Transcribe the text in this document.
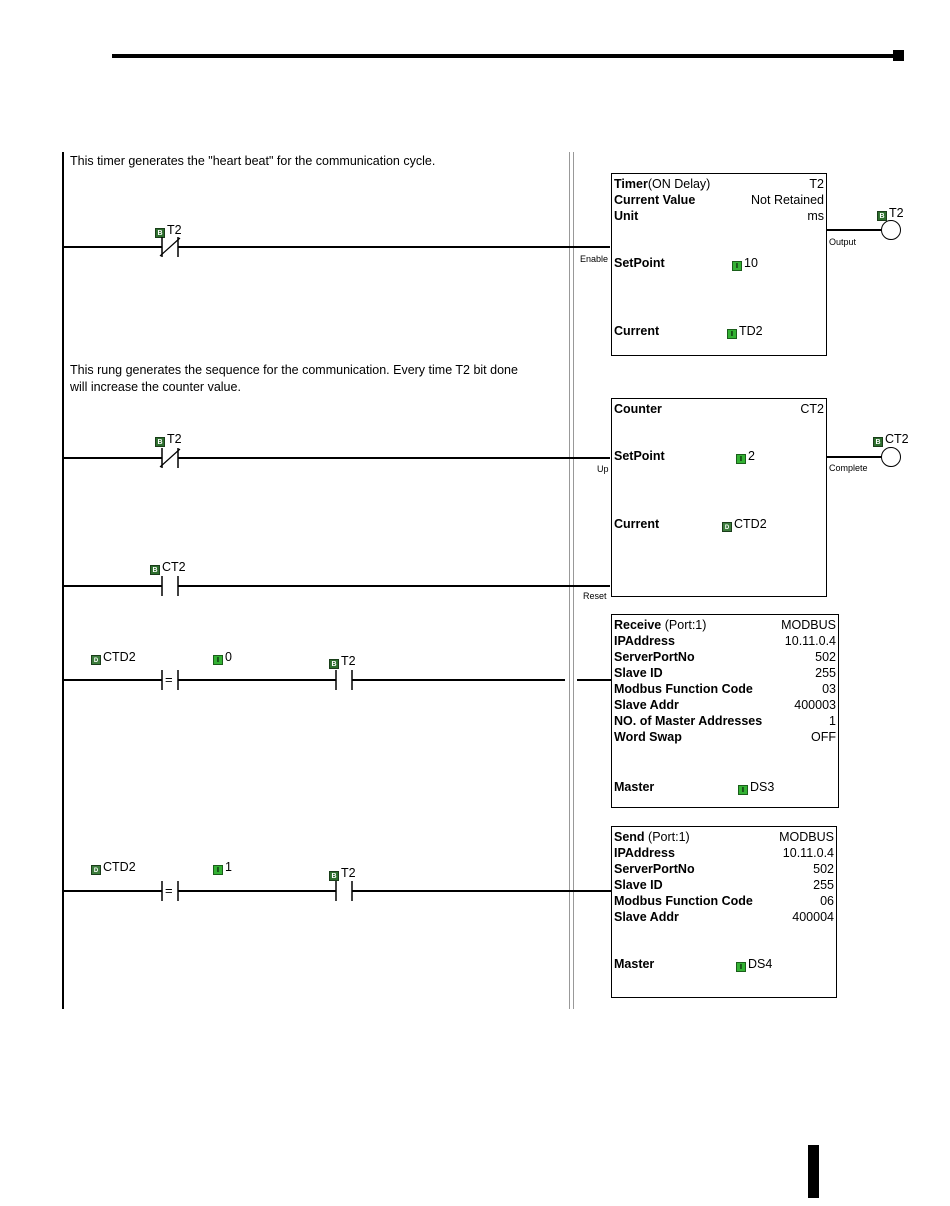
This timer generates the "heart beat" for the communication cycle.
B T2
Enable
Timer(ON Delay)	T2
Current Value	Not Retained
Unit	ms
SetPoint	I 10
Current	I TD2
Output
B T2
This rung generates the sequence for the communication. Every time T2 bit done
will increase the counter value.
B T2
Up
B CT2
Reset
Counter	CT2
SetPoint	I 2
Current	D CTD2
Complete
B CT2
D CTD2	I 0
B T2
=
Receive (Port:1)	MODBUS
IPAddress	10.11.0.4
ServerPortNo	502
Slave ID	255
Modbus Function Code	03
Slave Addr	400003
NO. of Master Addresses	1
Word Swap	OFF
Master	I DS3
D CTD2	I 1
B T2
=
Send (Port:1)	MODBUS
IPAddress	10.11.0.4
ServerPortNo	502
Slave ID	255
Modbus Function Code	06
Slave Addr	400004
Master	I DS4
